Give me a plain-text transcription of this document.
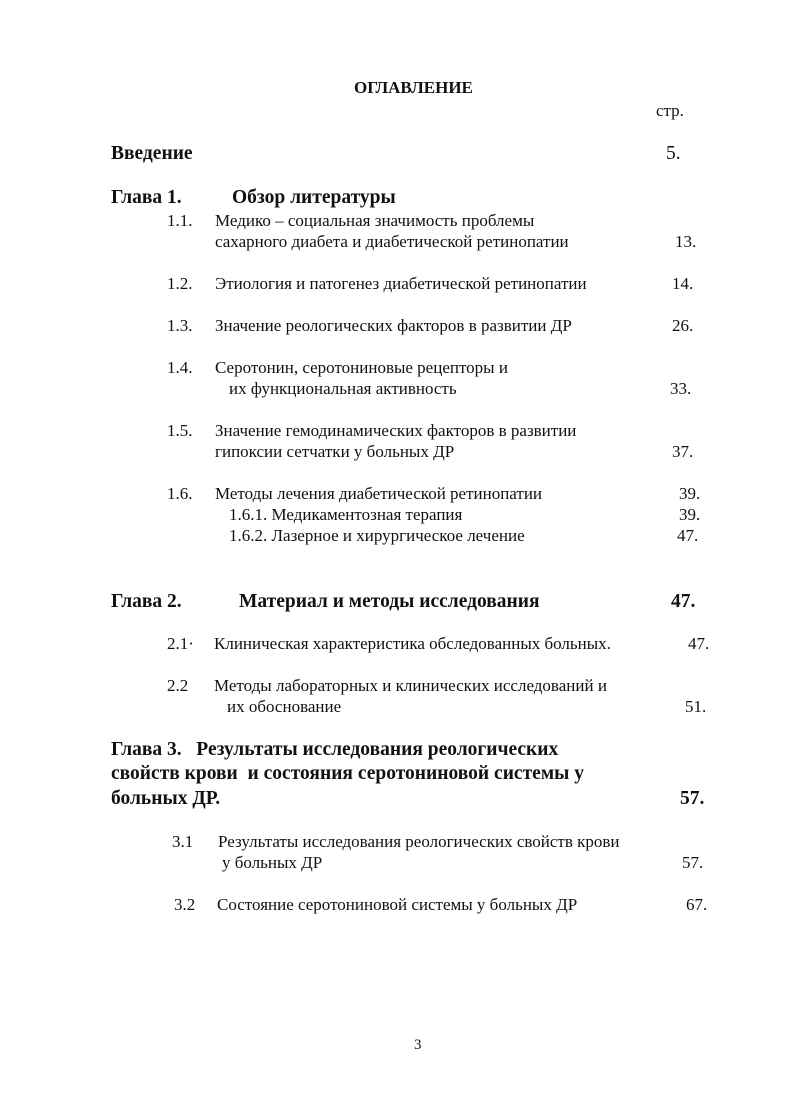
ОГЛАВЛЕНИЕ
стр.
Введение	5.
Глава 1.	Обзор литературы
1.1. Медико – социальная значимость проблемы
сахарного диабета и диабетической ретинопатии	13.
1.2. Этиология и патогенез диабетической ретинопатии	14.
1.3. Значение реологических факторов в развитии ДР	26.
1.4. Серотонин, серотониновые рецепторы и
их функциональная активность	33.
1.5. Значение гемодинамических факторов в развитии
гипоксии сетчатки у больных ДР	37.
1.6. Методы лечения диабетической ретинопатии	39.
1.6.1. Медикаментозная терапия	39.
1.6.2. Лазерное и хирургическое лечение	47.
Глава 2.	Материал и методы исследования	47.
2.1· Клиническая характеристика обследованных больных.	47.
2.2 Методы лабораторных и клинических исследований и
их обоснование	51.
Глава 3.   Результаты исследования реологических
свойств крови  и состояния серотониновой системы у
больных ДР.	57.
3.1 Результаты исследования реологических свойств крови
у больных ДР	57.
3.2 Состояние серотониновой системы у больных ДР	67.
3
